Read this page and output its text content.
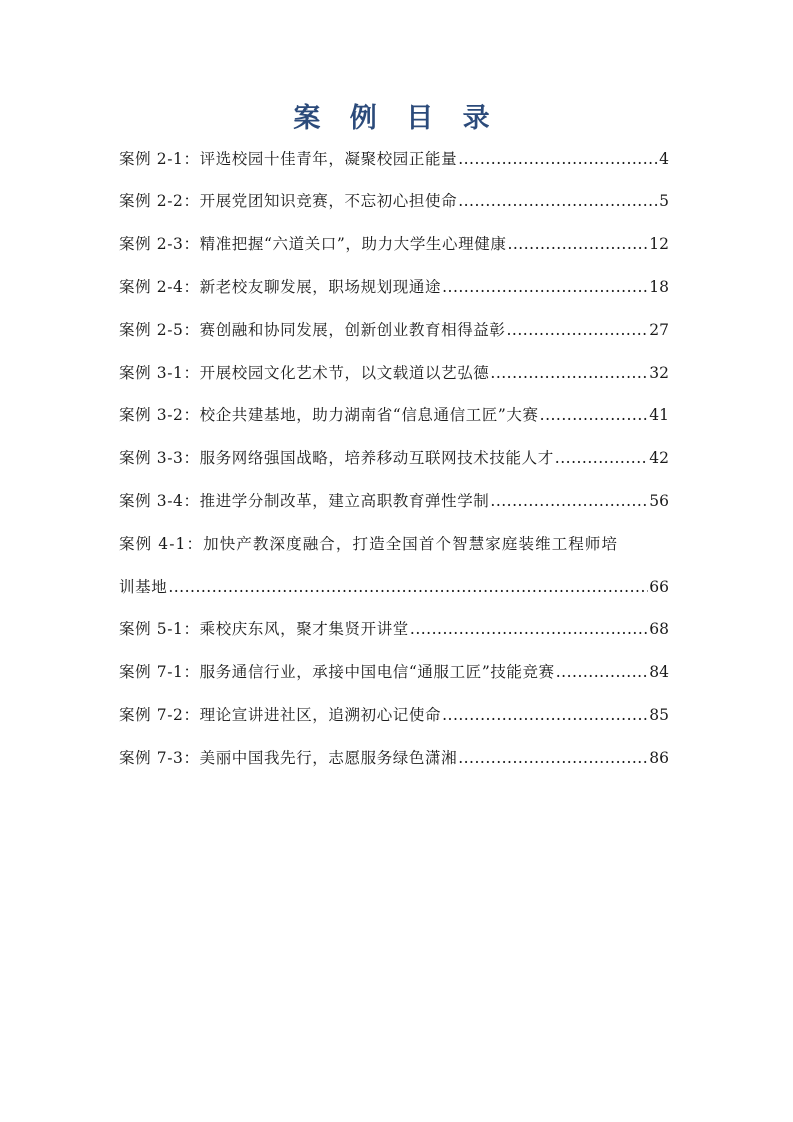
案 例 目 录
案例 2-1：评选校园十佳青年，凝聚校园正能量 .....	4
案例 2-2：开展党团知识竞赛，不忘初心担使命 .....	5
案例 2-3：精准把握“六道关口”，助力大学生心理健康 .....	12
案例 2-4：新老校友聊发展，职场规划现通途 .....	18
案例 2-5：赛创融和协同发展，创新创业教育相得益彰 .....	27
案例 3-1：开展校园文化艺术节，以文载道以艺弘德 .....	32
案例 3-2：校企共建基地，助力湖南省“信息通信工匠”大赛 .....	41
案例 3-3：服务网络强国战略，培养移动互联网技术技能人才 .....	42
案例 3-4：推进学分制改革，建立高职教育弹性学制 .....	56
案例 4-1：加快产教深度融合，打造全国首个智慧家庭装维工程师培
训基地 .....	66
案例 5-1：乘校庆东风，聚才集贤开讲堂 .....	68
案例 7-1：服务通信行业，承接中国电信“通服工匠”技能竞赛 .....	84
案例 7-2：理论宣讲进社区，追溯初心记使命 .....	85
案例 7-3：美丽中国我先行，志愿服务绿色潇湘 .....	86
